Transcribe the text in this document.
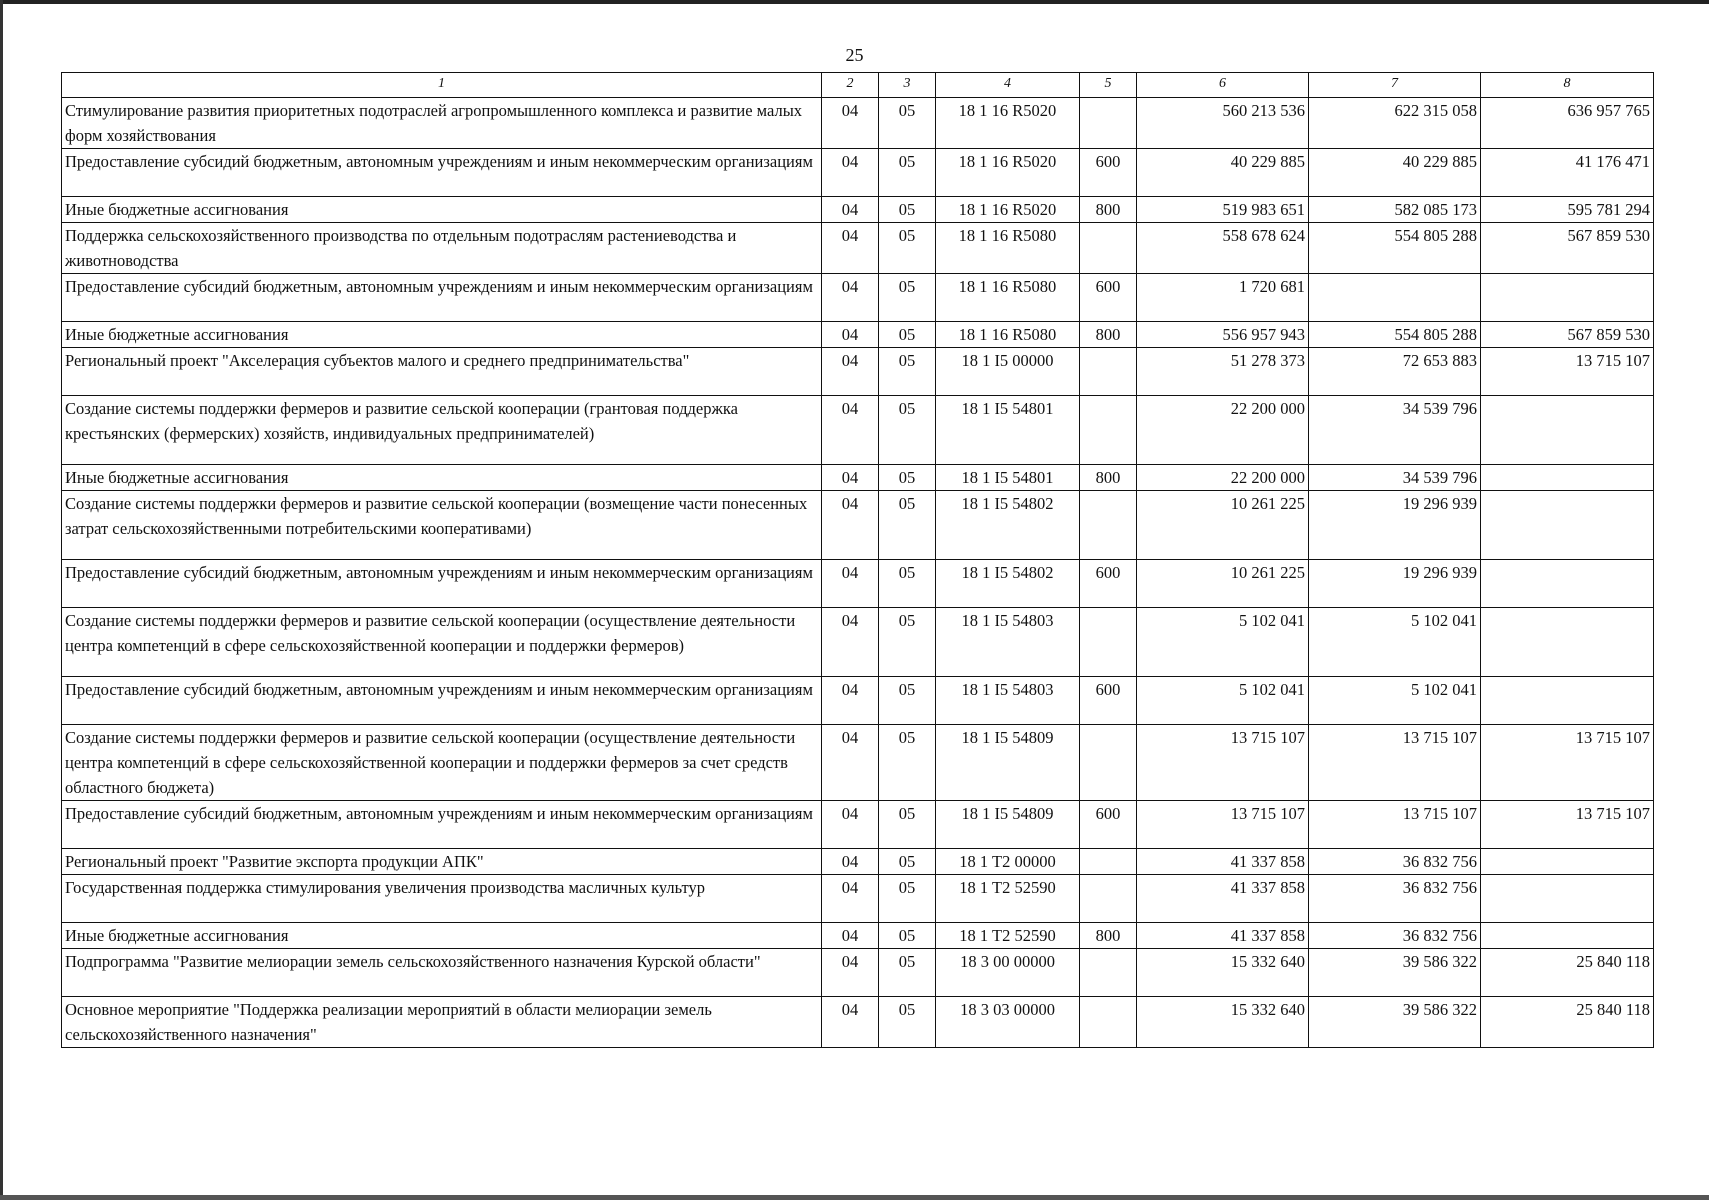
25
1	2	3	4	5	6	7	8
Стимулирование развития приоритетных подотраслей агропромышленного комплекса и развитие малых форм хозяйствования	04	05	18 1 16 R5020		560 213 536	622 315 058	636 957 765
Предоставление субсидий бюджетным, автономным учреждениям и иным некоммерческим организациям	04	05	18 1 16 R5020	600	40 229 885	40 229 885	41 176 471
Иные бюджетные ассигнования	04	05	18 1 16 R5020	800	519 983 651	582 085 173	595 781 294
Поддержка сельскохозяйственного производства по отдельным подотраслям растениеводства и животноводства	04	05	18 1 16 R5080		558 678 624	554 805 288	567 859 530
Предоставление субсидий бюджетным, автономным учреждениям и иным некоммерческим организациям	04	05	18 1 16 R5080	600	1 720 681		
Иные бюджетные ассигнования	04	05	18 1 16 R5080	800	556 957 943	554 805 288	567 859 530
Региональный проект "Акселерация субъектов малого и среднего предпринимательства"	04	05	18 1 I5 00000		51 278 373	72 653 883	13 715 107
Создание системы поддержки фермеров и развитие сельской кооперации (грантовая поддержка крестьянских (фермерских) хозяйств, индивидуальных предпринимателей)	04	05	18 1 I5 54801		22 200 000	34 539 796	
Иные бюджетные ассигнования	04	05	18 1 I5 54801	800	22 200 000	34 539 796	
Создание системы поддержки фермеров и развитие сельской кооперации (возмещение части понесенных затрат сельскохозяйственными потребительскими кооперативами)	04	05	18 1 I5 54802		10 261 225	19 296 939	
Предоставление субсидий бюджетным, автономным учреждениям и иным некоммерческим организациям	04	05	18 1 I5 54802	600	10 261 225	19 296 939	
Создание системы поддержки фермеров и развитие сельской кооперации (осуществление деятельности центра компетенций в сфере сельскохозяйственной кооперации и поддержки фермеров)	04	05	18 1 I5 54803		5 102 041	5 102 041	
Предоставление субсидий бюджетным, автономным учреждениям и иным некоммерческим организациям	04	05	18 1 I5 54803	600	5 102 041	5 102 041	
Создание системы поддержки фермеров и развитие сельской кооперации (осуществление деятельности центра компетенций в сфере сельскохозяйственной кооперации и поддержки фермеров за счет средств областного бюджета)	04	05	18 1 I5 54809		13 715 107	13 715 107	13 715 107
Предоставление субсидий бюджетным, автономным учреждениям и иным некоммерческим организациям	04	05	18 1 I5 54809	600	13 715 107	13 715 107	13 715 107
Региональный проект "Развитие экспорта продукции АПК"	04	05	18 1 T2 00000		41 337 858	36 832 756	
Государственная поддержка стимулирования увеличения производства масличных культур	04	05	18 1 T2 52590		41 337 858	36 832 756	
Иные бюджетные ассигнования	04	05	18 1 T2 52590	800	41 337 858	36 832 756	
Подпрограмма "Развитие мелиорации земель сельскохозяйственного назначения Курской области"	04	05	18 3 00 00000		15 332 640	39 586 322	25 840 118
Основное мероприятие "Поддержка реализации мероприятий в области мелиорации земель сельскохозяйственного назначения"	04	05	18 3 03 00000		15 332 640	39 586 322	25 840 118
